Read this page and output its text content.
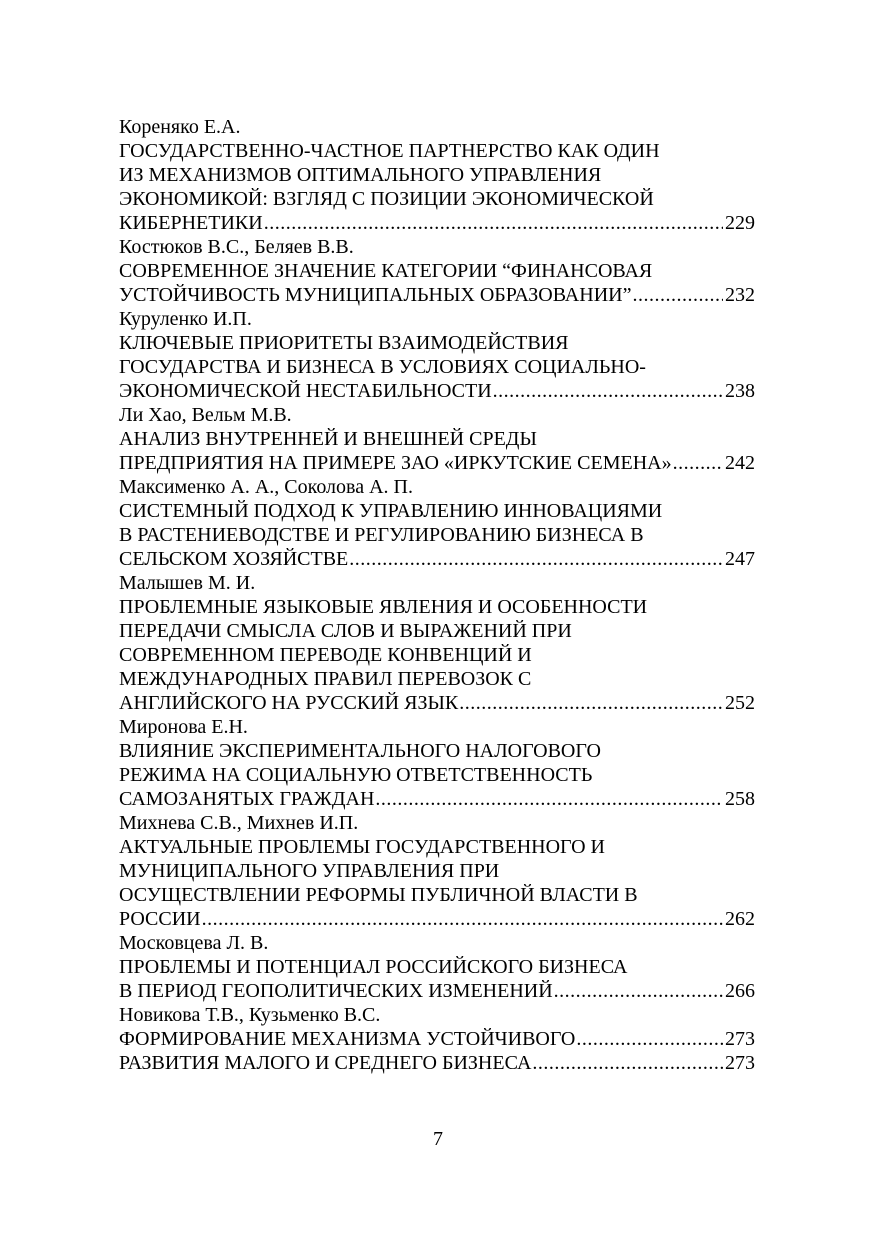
Кореняко Е.А.
ГОСУДАРСТВЕННО-ЧАСТНОЕ ПАРТНЕРСТВО КАК ОДИН
ИЗ МЕХАНИЗМОВ ОПТИМАЛЬНОГО УПРАВЛЕНИЯ
ЭКОНОМИКОЙ: ВЗГЛЯД С ПОЗИЦИИ ЭКОНОМИЧЕСКОЙ
КИБЕРНЕТИКИ .....	229
Костюков В.С., Беляев В.В.
СОВРЕМЕННОЕ ЗНАЧЕНИЕ КАТЕГОРИИ “ФИНАНСОВАЯ
УСТОЙЧИВОСТЬ МУНИЦИПАЛЬНЫХ ОБРАЗОВАНИИ” .....	232
Куруленко И.П.
КЛЮЧЕВЫЕ ПРИОРИТЕТЫ ВЗАИМОДЕЙСТВИЯ
ГОСУДАРСТВА И БИЗНЕСА В УСЛОВИЯХ СОЦИАЛЬНО-
ЭКОНОМИЧЕСКОЙ НЕСТАБИЛЬНОСТИ .....	238
Ли Хао, Вельм М.В.
АНАЛИЗ ВНУТРЕННЕЙ И ВНЕШНЕЙ СРЕДЫ
ПРЕДПРИЯТИЯ НА ПРИМЕРЕ ЗАО «ИРКУТСКИЕ СЕМЕНА» .....	242
Максименко А. А., Соколова А. П.
СИСТЕМНЫЙ ПОДХОД К УПРАВЛЕНИЮ ИННОВАЦИЯМИ
В РАСТЕНИЕВОДСТВЕ И РЕГУЛИРОВАНИЮ БИЗНЕСА В
СЕЛЬСКОМ ХОЗЯЙСТВЕ .....	247
Малышев М. И.
ПРОБЛЕМНЫЕ ЯЗЫКОВЫЕ ЯВЛЕНИЯ И ОСОБЕННОСТИ
ПЕРЕДАЧИ СМЫСЛА СЛОВ И ВЫРАЖЕНИЙ ПРИ
СОВРЕМЕННОМ ПЕРЕВОДЕ КОНВЕНЦИЙ И
МЕЖДУНАРОДНЫХ ПРАВИЛ ПЕРЕВОЗОК С
АНГЛИЙСКОГО НА РУССКИЙ ЯЗЫК .....	252
Миронова Е.Н.
ВЛИЯНИЕ ЭКСПЕРИМЕНТАЛЬНОГО НАЛОГОВОГО
РЕЖИМА НА СОЦИАЛЬНУЮ ОТВЕТСТВЕННОСТЬ
САМОЗАНЯТЫХ ГРАЖДАН .....	258
Михнева С.В., Михнев И.П.
АКТУАЛЬНЫЕ ПРОБЛЕМЫ ГОСУДАРСТВЕННОГО И
МУНИЦИПАЛЬНОГО УПРАВЛЕНИЯ ПРИ
ОСУЩЕСТВЛЕНИИ РЕФОРМЫ ПУБЛИЧНОЙ ВЛАСТИ В
РОССИИ .....	262
Московцева Л. В.
ПРОБЛЕМЫ И ПОТЕНЦИАЛ РОССИЙСКОГО БИЗНЕСА
В ПЕРИОД ГЕОПОЛИТИЧЕСКИХ ИЗМЕНЕНИЙ .....	266
Новикова Т.В., Кузьменко В.С.
ФОРМИРОВАНИЕ МЕХАНИЗМА УСТОЙЧИВОГО .....	273
РАЗВИТИЯ МАЛОГО И СРЕДНЕГО БИЗНЕСА .....	273
7
